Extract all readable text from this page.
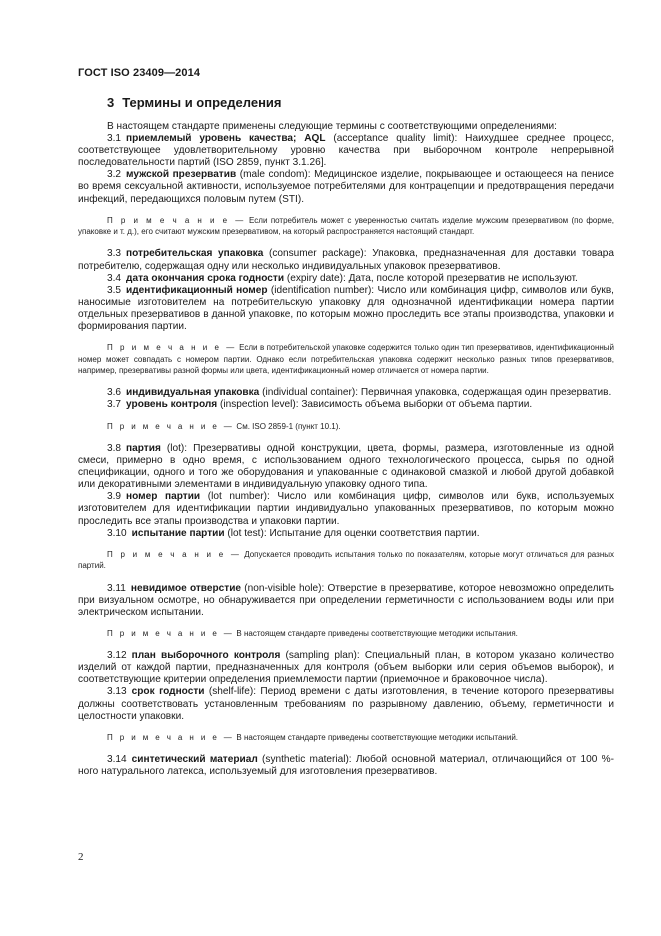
ГОСТ ISO 23409—2014
3 Термины и определения

В настоящем стандарте применены следующие термины с соответствующими определениями:

3.1 приемлемый уровень качества; AQL (acceptance quality limit): Наихудшее среднее процесс, соответствующее удовлетворительному уровню качества при выборочном контроле непрерывной последовательности партий (ISO 2859, пункт 3.1.26].

3.2 мужской презерватив (male condom): Медицинское изделие, покрывающее и остающееся на пенисе во время сексуальной активности, используемое потребителями для контрацепции и предотвращения передачи инфекций, передающихся половым путем (STI).

П р и м е ч а н и е — Если потребитель может с уверенностью считать изделие мужским презервативом (по форме, упаковке и т. д.), его считают мужским презервативом, на который распространяется настоящий стандарт.

3.3 потребительская упаковка (consumer package): Упаковка, предназначенная для доставки товара потребителю, содержащая одну или несколько индивидуальных упаковок презервативов.

3.4 дата окончания срока годности (expiry date): Дата, после которой презерватив не используют.

3.5 идентификационный номер (identification number): Число или комбинация цифр, символов или букв, наносимые изготовителем на потребительскую упаковку для однозначной идентификации номера партии отдельных презервативов в данной упаковке, по которым можно проследить все этапы производства, упаковки и формирования партии.

П р и м е ч а н и е — Если в потребительской упаковке содержится только один тип презервативов, идентификационный номер может совпадать с номером партии. Однако если потребительская упаковка содержит несколько разных типов презервативов, например, презервативы разной формы или цвета, идентификационный номер отличается от номера партии.

3.6 индивидуальная упаковка (individual container): Первичная упаковка, содержащая один презерватив.

3.7 уровень контроля (inspection level): Зависимость объема выборки от объема партии.

П р и м е ч а н и е — См. ISO 2859-1 (пункт 10.1).

3.8 партия (lot): Презервативы одной конструкции, цвета, формы, размера, изготовленные из одной смеси, примерно в одно время, с использованием одного технологического процесса, сырья по одной спецификации, одного и того же оборудования и упакованные с одинаковой смазкой и любой другой добавкой или декоративными элементами в индивидуальную упаковку одного типа.

3.9 номер партии (lot number): Число или комбинация цифр, символов или букв, используемых изготовителем для идентификации партии индивидуально упакованных презервативов, по которым можно проследить все этапы производства и упаковки партии.

3.10 испытание партии (lot test): Испытание для оценки соответствия партии.

П р и м е ч а н и е — Допускается проводить испытания только по показателям, которые могут отличаться для разных партий.

3.11 невидимое отверстие (non-visible hole): Отверстие в презервативе, которое невозможно определить при визуальном осмотре, но обнаруживается при определении герметичности с использованием воды или при электрическом испытании.

П р и м е ч а н и е — В настоящем стандарте приведены соответствующие методики испытания.

3.12 план выборочного контроля (sampling plan): Специальный план, в котором указано количество изделий от каждой партии, предназначенных для контроля (объем выборки или серия объемов выборок), и соответствующие критерии определения приемлемости партии (приемочное и браковочное числа).

3.13 срок годности (shelf-life): Период времени с даты изготовления, в течение которого презервативы должны соответствовать установленным требованиям по разрывному давлению, объему, герметичности и целостности упаковки.

П р и м е ч а н и е — В настоящем стандарте приведены соответствующие методики испытаний.

3.14 синтетический материал (synthetic material): Любой основной материал, отличающийся от 100 %-ного натурального латекса, используемый для изготовления презервативов.

2
